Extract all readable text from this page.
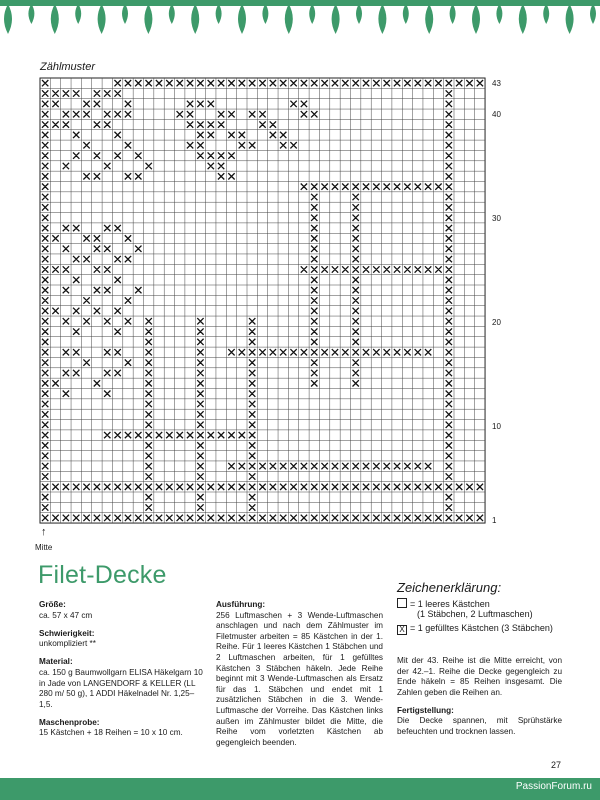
Zählmuster
43
40
30
20
10
1
↑
Mitte
Filet-Decke

Größe:
ca. 57 x 47 cm

Schwierigkeit:
unkompliziert **

Material:
ca. 150 g Baumwollgarn ELISA Häkelgarn 10 in Jade von LANGENDORF & KELLER (LL 280 m/ 50 g), 1 ADDI Häkelnadel Nr. 1,25–1,5.

Maschenprobe:
15 Kästchen + 18 Reihen = 10 x 10 cm.

Ausführung:
256 Luftmaschen + 3 Wende-Luftmaschen anschlagen und nach dem Zählmuster im Filetmuster arbeiten = 85 Kästchen in der 1. Reihe. Für 1 leeres Kästchen 1 Stäbchen und 2 Luftmaschen arbeiten, für 1 gefülltes Kästchen 3 Stäbchen häkeln. Jede Reihe beginnt mit 3 Wende-Luftmaschen als Ersatz für das 1. Stäbchen und endet mit 1 zusätzlichen Stäbchen in die 3. Wende-Luftmasche der Vorreihe. Das Kästchen links außen im Zählmuster bildet die Mitte, die Reihe vom vorletzten Kästchen ab gegengleich beenden.

Zeichenerklärung:
= 1 leeres Kästchen
(1 Stäbchen, 2 Luftmaschen)
X = 1 gefülltes Kästchen (3 Stäbchen)

Mit der 43. Reihe ist die Mitte erreicht, von der 42.–1. Reihe die Decke gegengleich zu Ende häkeln = 85 Reihen insgesamt. Die Zahlen geben die Reihen an.

Fertigstellung:
Die Decke spannen, mit Sprühstärke befeuchten und trocknen lassen.

27
PassionForum.ru
